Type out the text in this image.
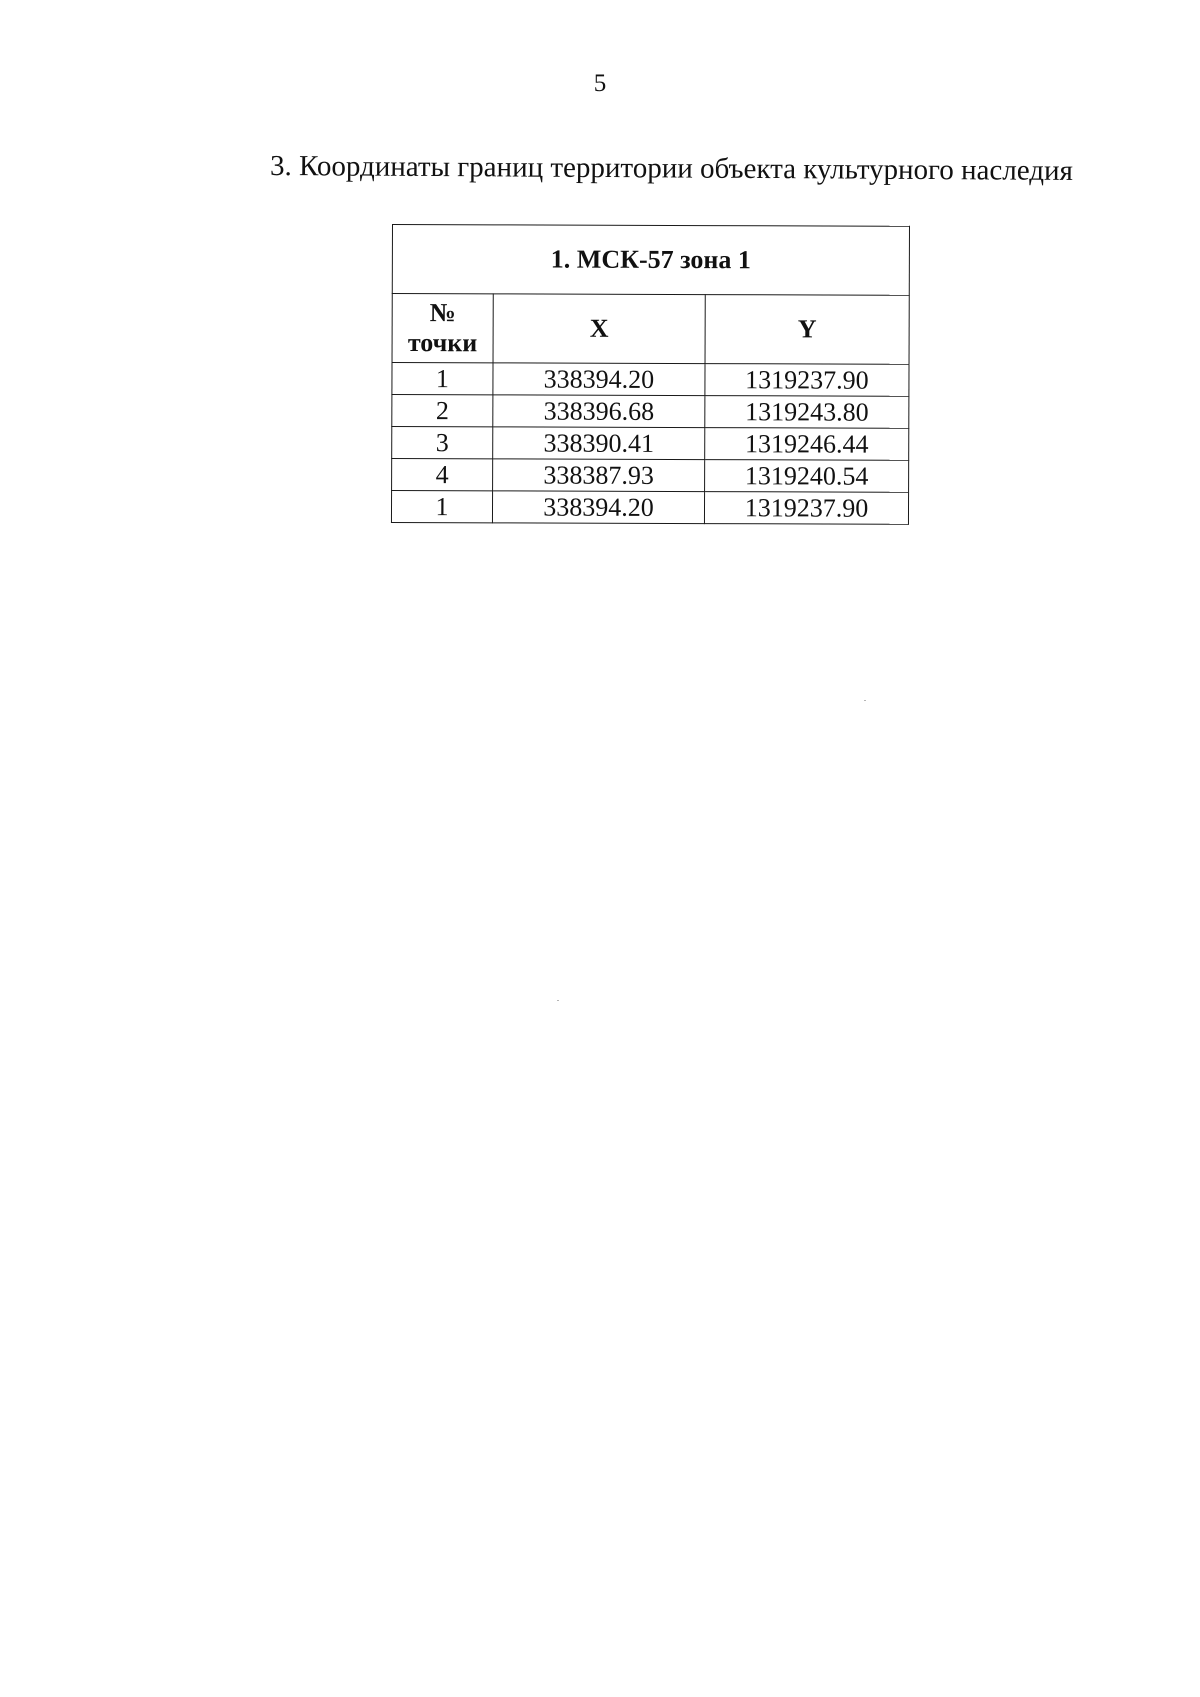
5
3. Координаты границ территории объекта культурного наследия
1. МСК-57 зона 1		
№ точки	X	Y
1	338394.20	1319237.90
2	338396.68	1319243.80
3	338390.41	1319246.44
4	338387.93	1319240.54
1	338394.20	1319237.90
